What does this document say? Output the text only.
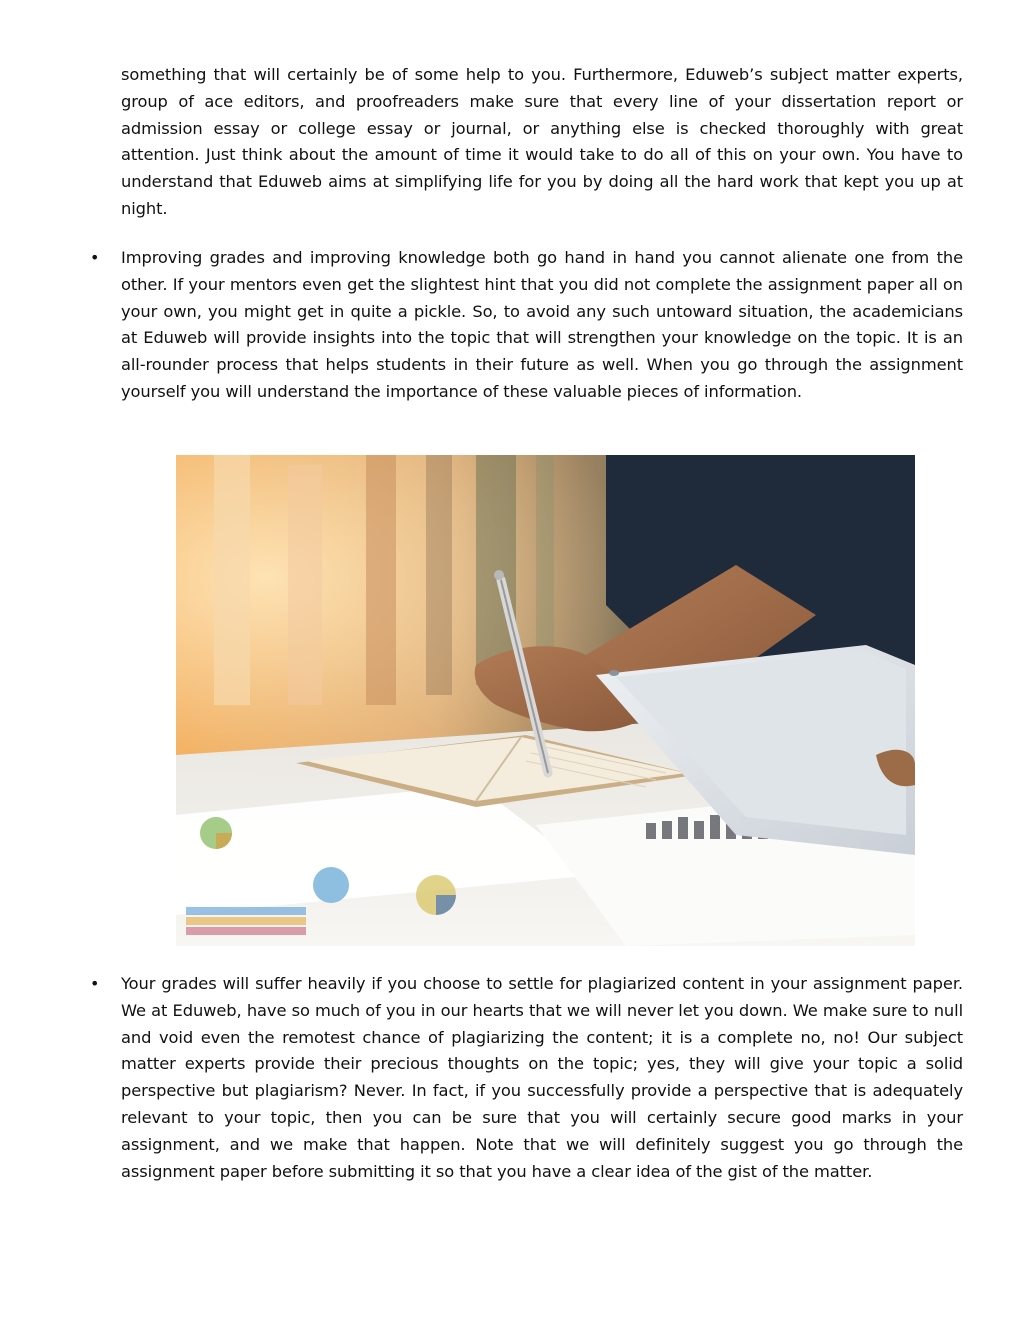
something that will certainly be of some help to you. Furthermore, Eduweb’s subject matter experts, group of ace editors, and proofreaders make sure that every line of your dissertation report or admission essay or college essay or journal, or anything else is checked thoroughly with great attention. Just think about the amount of time it would take to do all of this on your own. You have to understand that Eduweb aims at simplifying life for you by doing all the hard work that kept you up at night.

• Improving grades and improving knowledge both go hand in hand you cannot alienate one from the other. If your mentors even get the slightest hint that you did not complete the assignment paper all on your own, you might get in quite a pickle. So, to avoid any such untoward situation, the academicians at Eduweb will provide insights into the topic that will strengthen your knowledge on the topic. It is an all-rounder process that helps students in their future as well. When you go through the assignment yourself you will understand the importance of these valuable pieces of information.

• Your grades will suffer heavily if you choose to settle for plagiarized content in your assignment paper. We at Eduweb, have so much of you in our hearts that we will never let you down. We make sure to null and void even the remotest chance of plagiarizing the content; it is a complete no, no! Our subject matter experts provide their precious thoughts on the topic; yes, they will give your topic a solid perspective but plagiarism? Never. In fact, if you successfully provide a perspective that is adequately relevant to your topic, then you can be sure that you will certainly secure good marks in your assignment, and we make that happen. Note that we will definitely suggest you go through the assignment paper before submitting it so that you have a clear idea of the gist of the matter.
